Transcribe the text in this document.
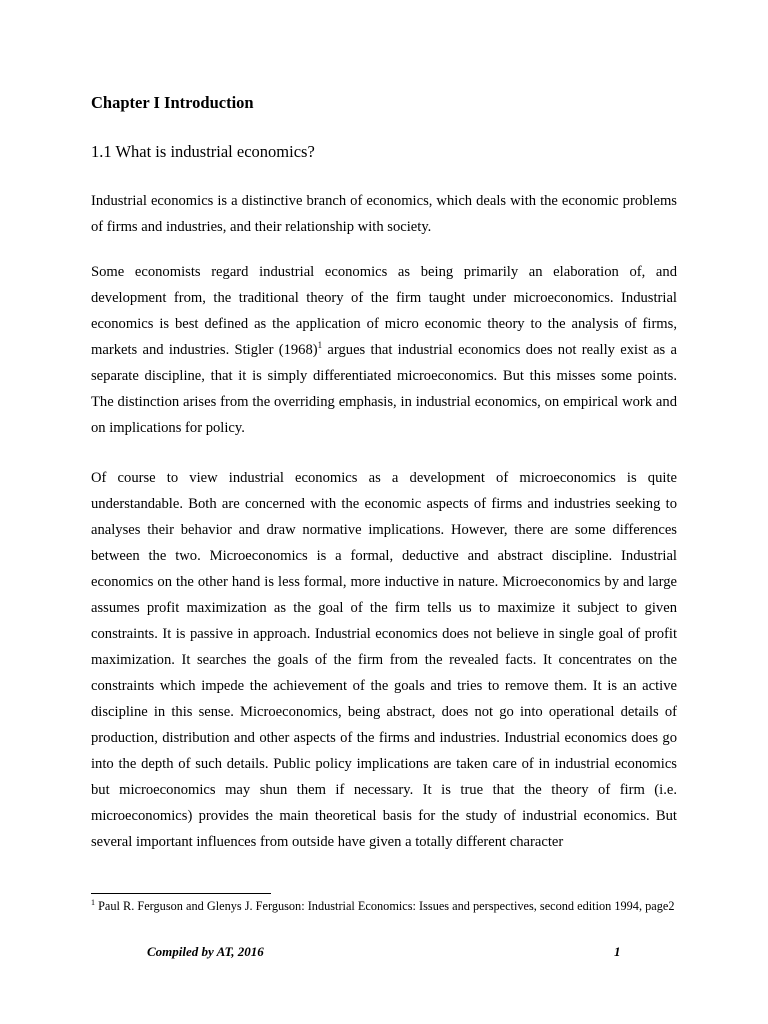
Chapter I Introduction
1.1 What is industrial economics?

Industrial economics is a distinctive branch of economics, which deals with the economic problems of firms and industries, and their relationship with society.

Some economists regard industrial economics as being primarily an elaboration of, and development from, the traditional theory of the firm taught under microeconomics. Industrial economics is best defined as the application of micro economic theory to the analysis of firms, markets and industries. Stigler $(1968)^1$ argues that industrial economics does not really exist as a separate discipline, that it is simply differentiated microeconomics. But this misses some points. The distinction arises from the overriding emphasis, in industrial economics, on empirical work and on implications for policy.

Of course to view industrial economics as a development of microeconomics is quite understandable. Both are concerned with the economic aspects of firms and industries seeking to analyses their behavior and draw normative implications. However, there are some differences between the two. Microeconomics is a formal, deductive and abstract discipline. Industrial economics on the other hand is less formal, more inductive in nature. Microeconomics by and large assumes profit maximization as the goal of the firm tells us to maximize it subject to given constraints. It is passive in approach. Industrial economics does not believe in single goal of profit maximization. It searches the goals of the firm from the revealed facts. It concentrates on the constraints which impede the achievement of the goals and tries to remove them. It is an active discipline in this sense. Microeconomics, being abstract, does not go into operational details of production, distribution and other aspects of the firms and industries. Industrial economics does go into the depth of such details. Public policy implications are taken care of in industrial economics but microeconomics may shun them if necessary. It is true that the theory of firm (i.e. microeconomics) provides the main theoretical basis for the study of industrial economics. But several important influences from outside have given a totally different character

$^1$ Paul R. Ferguson and Glenys J. Ferguson: Industrial Economics: Issues and perspectives, second edition 1994, page2

Compiled by AT, 2016	1
